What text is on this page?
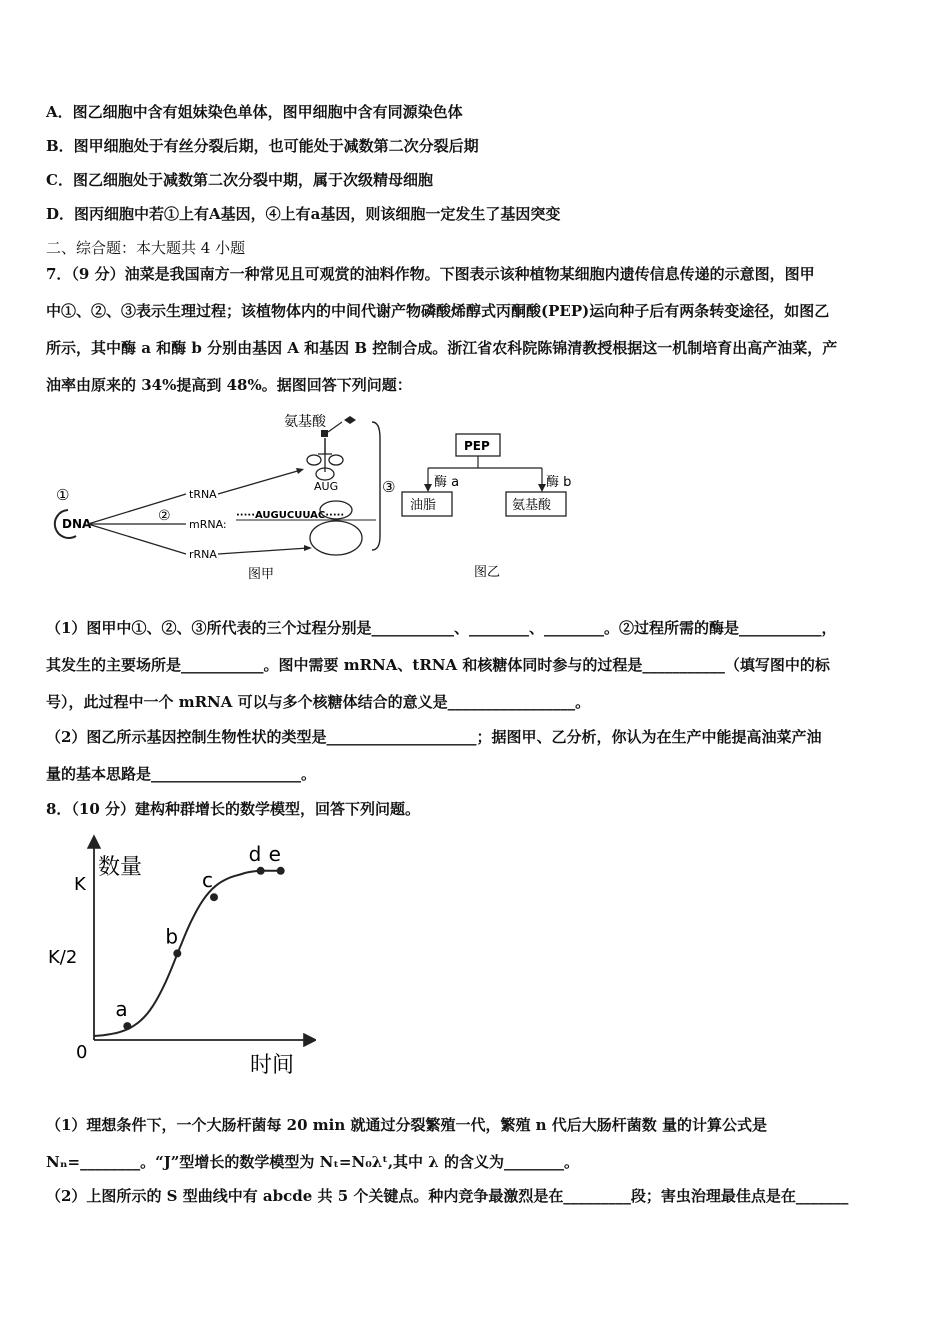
A．图乙细胞中含有姐妹染色单体，图甲细胞中含有同源染色体
B．图甲细胞处于有丝分裂后期，也可能处于减数第二次分裂后期
C．图乙细胞处于减数第二次分裂中期，属于次级精母细胞
D．图丙细胞中若①上有A基因，④上有a基因，则该细胞一定发生了基因突变
二、综合题：本大题共 4 小题
7．（9 分）油菜是我国南方一种常见且可观赏的油料作物。下图表示该种植物某细胞内遗传信息传递的示意图，图甲
中①、②、③表示生理过程；该植物体内的中间代谢产物磷酸烯醇式丙酮酸(PEP)运向种子后有两条转变途径，如图乙
所示，其中酶 a 和酶 b 分别由基因 A 和基因 B 控制合成。浙江省农科院陈锦清教授根据这一机制培育出高产油菜，产
油率由原来的 34%提高到 48%。据图回答下列问题：
氨基酸
AUG
①
DNA	②
tRNA
mRNA:
rRNA
·····AUGUCUUAC·····
③
图甲
PEP
酶 a	酶 b
油脂	氨基酸
图乙
（1）图甲中①、②、③所代表的三个过程分别是___________、________、________。②过程所需的酶是___________，
其发生的主要场所是___________。图中需要 mRNA、tRNA 和核糖体同时参与的过程是___________（填写图中的标
号），此过程中一个 mRNA 可以与多个核糖体结合的意义是_________________。
（2）图乙所示基因控制生物性状的类型是____________________；据图甲、乙分析，你认为在生产中能提高油菜产油
量的基本思路是____________________。
8．（10 分）建构种群增长的数学模型，回答下列问题。
数量
时间
0
K/2
K
a
b
c
d e
（1）理想条件下，一个大肠杆菌每 20 min 就通过分裂繁殖一代，繁殖 n 代后大肠杆菌数 量的计算公式是
Nₙ=________。“J”型增长的数学模型为 Nₜ=N₀λᵗ,其中 λ 的含义为________。
（2）上图所示的 S 型曲线中有 abcde 共 5 个关键点。种内竞争最激烈是在_________段；害虫治理最佳点是在_______
